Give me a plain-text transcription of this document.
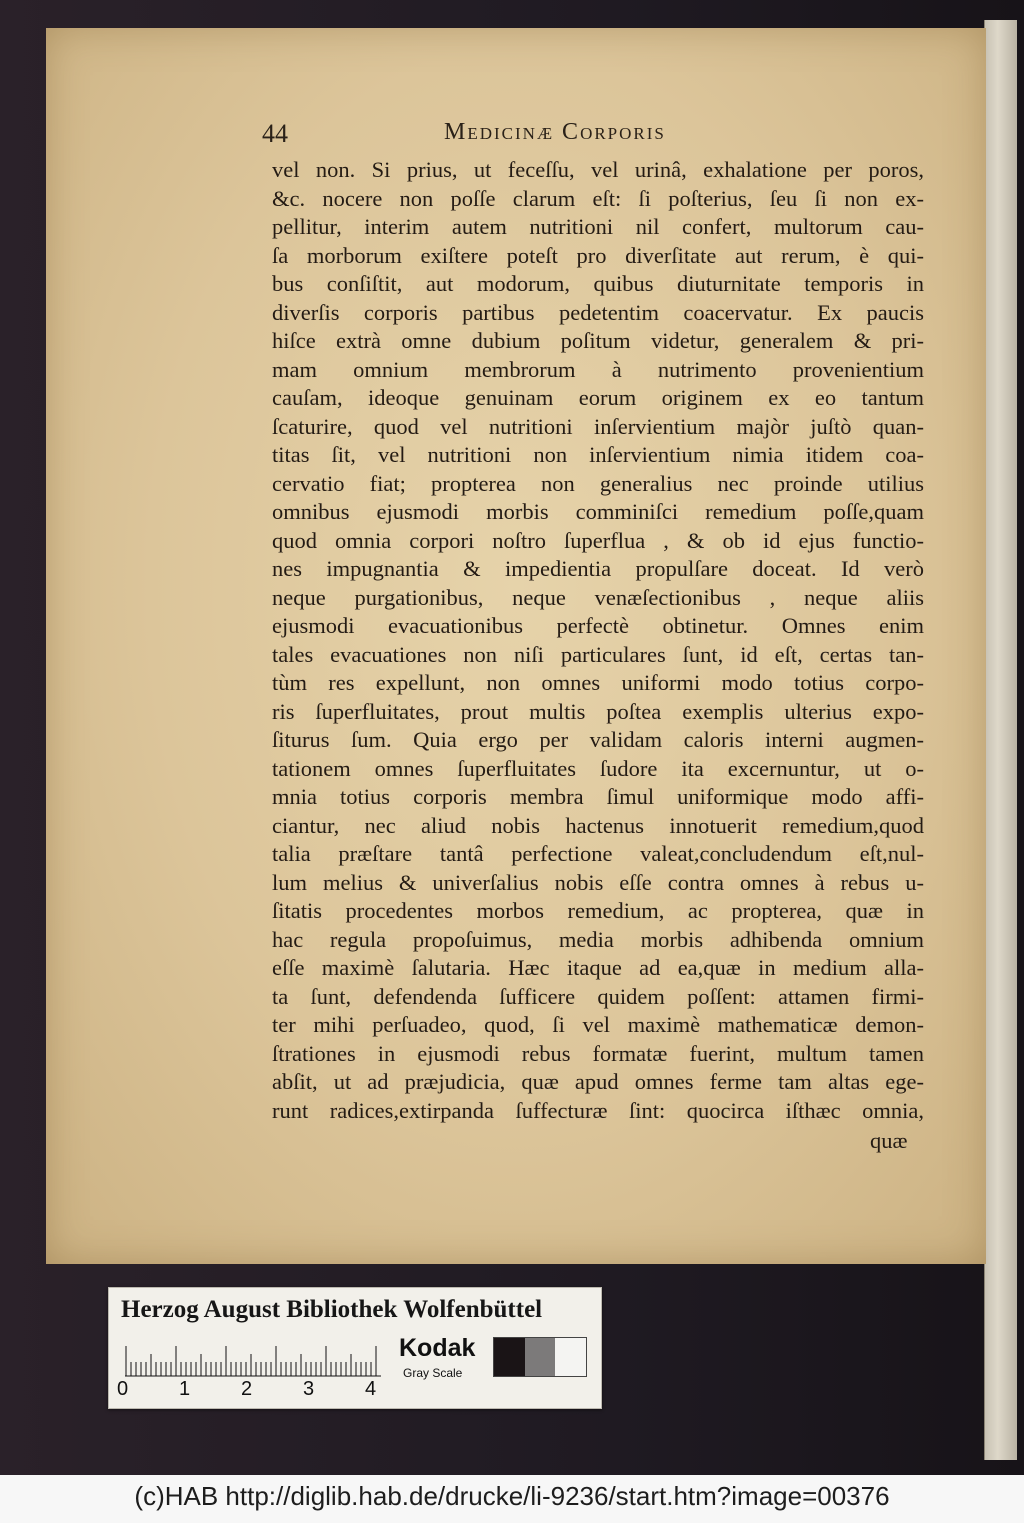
44	Medicinæ Corporis
vel non. Si prius, ut feceſſu, vel urinâ, exhalatione per poros,
&c. nocere non poſſe clarum eſt: ſi poſterius, ſeu ſi non ex-
pellitur, interim autem nutritioni nil confert, multorum cau-
ſa morborum exiſtere poteſt pro diverſitate aut rerum, è qui-
bus conſiſtit, aut modorum, quibus diuturnitate temporis in
diverſis corporis partibus pedetentim coacervatur. Ex paucis
hiſce extrà omne dubium poſitum videtur, generalem & pri-
mam omnium membrorum à nutrimento provenientium
cauſam, ideoque genuinam eorum originem ex eo tantum
ſcaturire, quod vel nutritioni inſervientium majòr juſtò quan-
titas ſit, vel nutritioni non inſervientium nimia itidem coa-
cervatio fiat; propterea non generalius nec proinde utilius
omnibus ejusmodi morbis comminiſci remedium poſſe,quam
quod omnia corpori noſtro ſuperflua , & ob id ejus functio-
nes impugnantia & impedientia propulſare doceat. Id verò
neque purgationibus, neque venæſectionibus , neque aliis
ejusmodi evacuationibus perfectè obtinetur. Omnes enim
tales evacuationes non niſi particulares ſunt, id eſt, certas tan-
tùm res expellunt, non omnes uniformi modo totius corpo-
ris ſuperfluitates, prout multis poſtea exemplis ulterius expo-
ſiturus ſum. Quia ergo per validam caloris interni augmen-
tationem omnes ſuperfluitates ſudore ita excernuntur, ut o-
mnia totius corporis membra ſimul uniformique modo affi-
ciantur, nec aliud nobis hactenus innotuerit remedium,quod
talia præſtare tantâ perfectione valeat,concludendum eſt,nul-
lum melius & univerſalius nobis eſſe contra omnes à rebus u-
ſitatis procedentes morbos remedium, ac propterea, quæ in
hac regula propoſuimus, media morbis adhibenda omnium
eſſe maximè ſalutaria. Hæc itaque ad ea,quæ in medium alla-
ta ſunt, defendenda ſufficere quidem poſſent: attamen firmi-
ter mihi perſuadeo, quod, ſi vel maximè mathematicæ demon-
ſtrationes in ejusmodi rebus formatæ fuerint, multum tamen
abſit, ut ad præjudicia, quæ apud omnes ferme tam altas ege-
runt radices,extirpanda ſuffecturæ ſint: quocirca iſthæc omnia,
quæ
Herzog August Bibliothek Wolfenbüttel
0	1	2	3	4
Kodak
Gray Scale
(c)HAB http://diglib.hab.de/drucke/li-9236/start.htm?image=00376
